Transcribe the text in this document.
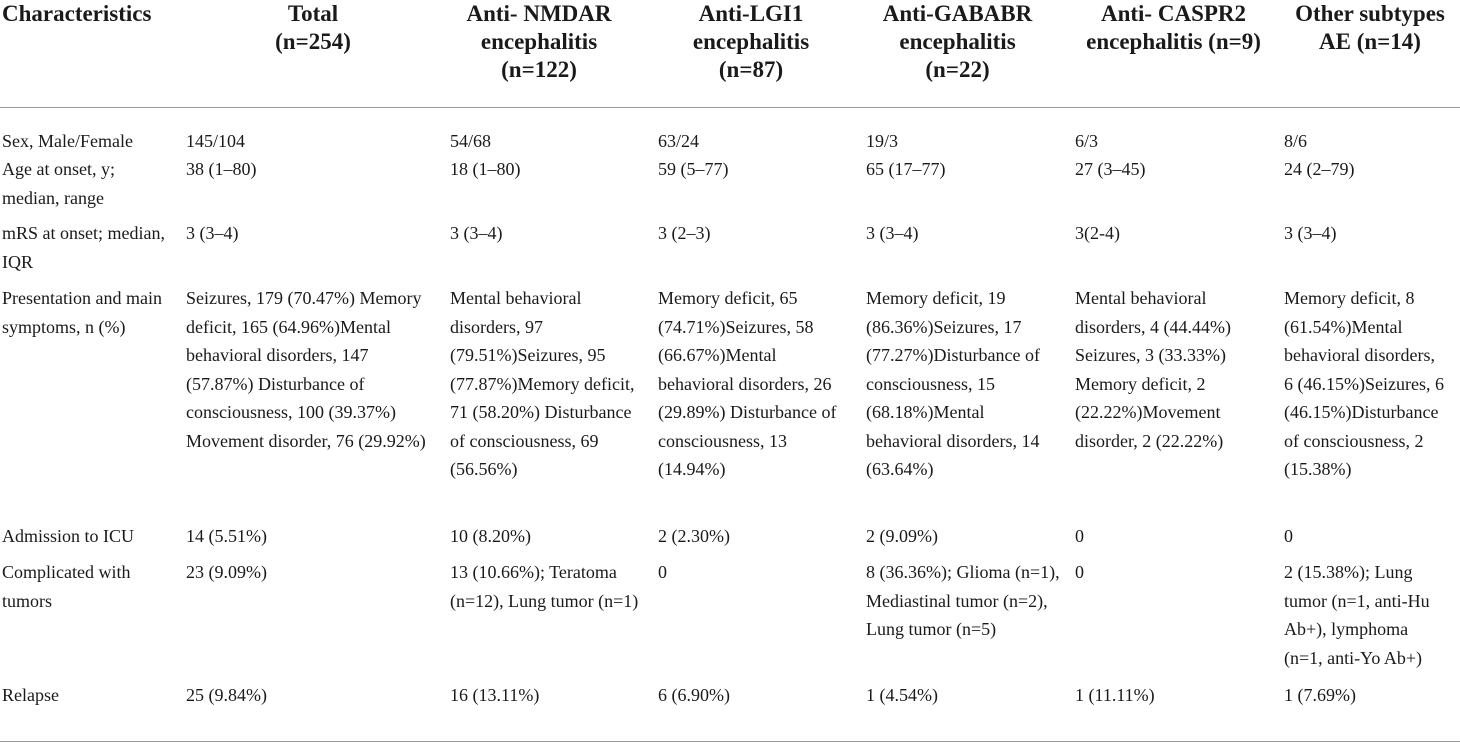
Characteristics	Total (n=254)	Anti- NMDAR encephalitis (n=122)	Anti-LGI1 encephalitis (n=87)	Anti-GABABR encephalitis (n=22)	Anti- CASPR2 encephalitis (n=9)	Other subtypes AE (n=14)
Sex, Male/Female	145/104	54/68	63/24	19/3	6/3	8/6
Age at onset, y; median, range	38 (1–80)	18 (1–80)	59 (5–77)	65 (17–77)	27 (3–45)	24 (2–79)
mRS at onset; median, IQR	3 (3–4)	3 (3–4)	3 (2–3)	3 (3–4)	3(2-4)	3 (3–4)
Presentation and main symptoms, n (%)	Seizures, 179 (70.47%) Memory deficit, 165 (64.96%)Mental behavioral disorders, 147 (57.87%) Disturbance of consciousness, 100 (39.37%) Movement disorder, 76 (29.92%)	Mental behavioral disorders, 97 (79.51%)Seizures, 95 (77.87%)Memory deficit, 71 (58.20%) Disturbance of consciousness, 69 (56.56%)	Memory deficit, 65 (74.71%)Seizures, 58 (66.67%)Mental behavioral disorders, 26 (29.89%) Disturbance of consciousness, 13 (14.94%)	Memory deficit, 19 (86.36%)Seizures, 17 (77.27%)Disturbance of consciousness, 15 (68.18%)Mental behavioral disorders, 14 (63.64%)	Mental behavioral disorders, 4 (44.44%) Seizures, 3 (33.33%) Memory deficit, 2 (22.22%)Movement disorder, 2 (22.22%)	Memory deficit, 8 (61.54%)Mental behavioral disorders, 6 (46.15%)Seizures, 6 (46.15%)Disturbance of consciousness, 2 (15.38%)
Admission to ICU	14 (5.51%)	10 (8.20%)	2 (2.30%)	2 (9.09%)	0	0
Complicated with tumors	23 (9.09%)	13 (10.66%); Teratoma (n=12), Lung tumor (n=1)	0	8 (36.36%); Glioma (n=1), Mediastinal tumor (n=2), Lung tumor (n=5)	0	2 (15.38%); Lung tumor (n=1, anti-Hu Ab+), lymphoma (n=1, anti-Yo Ab+)
Relapse	25 (9.84%)	16 (13.11%)	6 (6.90%)	1 (4.54%)	1 (11.11%)	1 (7.69%)
